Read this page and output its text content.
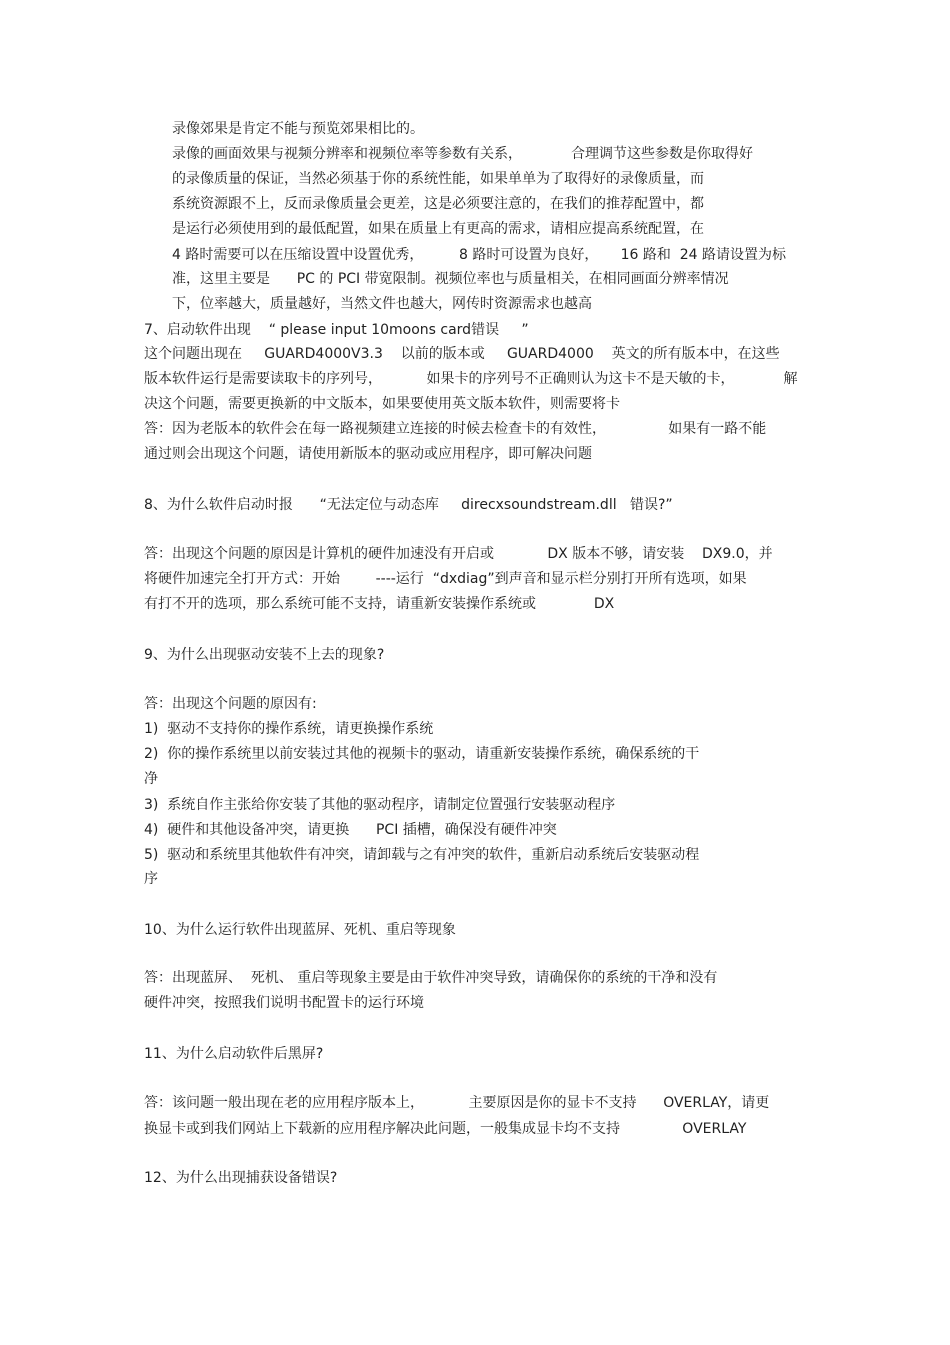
录像郊果是肯定不能与预览郊果相比的。
录像的画面效果与视频分辨率和视频位率等参数有关系，           合理调节这些参数是你取得好
的录像质量的保证，当然必须基于你的系统性能，如果单单为了取得好的录像质量，而
系统资源跟不上，反而录像质量会更差，这是必须要注意的，在我们的推荐配置中，都
是运行必须使用到的最低配置，如果在质量上有更高的需求，请相应提高系统配置，在
4 路时需要可以在压缩设置中设置优秀，        8 路时可设置为良好，     16 路和  24 路请设置为标
准，这里主要是      PC 的 PCI 带宽限制。视频位率也与质量相关，在相同画面分辨率情况
下，位率越大，质量越好，当然文件也越大，网传时资源需求也越高
7、启动软件出现    “ please input 10moons card错误     ”
这个问题出现在     GUARD4000V3.3    以前的版本或     GUARD4000    英文的所有版本中，在这些
版本软件运行是需要读取卡的序列号，          如果卡的序列号不正确则认为这卡不是天敏的卡，           解
决这个问题，需要更换新的中文版本，如果要使用英文版本软件，则需要将卡
答：因为老版本的软件会在每一路视频建立连接的时候去检查卡的有效性，              如果有一路不能
通过则会出现这个问题，请使用新版本的驱动或应用程序，即可解决问题
8、为什么软件启动时报      “无法定位与动态库     direcxsoundstream.dll   错误?”
答：出现这个问题的原因是计算机的硬件加速没有开启或            DX 版本不够，请安装    DX9.0，并
将硬件加速完全打开方式：开始        ----运行  “dxdiag”到声音和显示栏分别打开所有选项，如果
有打不开的选项，那么系统可能不支持，请重新安装操作系统或             DX
9、为什么出现驱动安装不上去的现象?
答：出现这个问题的原因有:
1)  驱动不支持你的操作系统，请更换操作系统
2)  你的操作系统里以前安装过其他的视频卡的驱动，请重新安装操作系统，确保系统的干
净
3)  系统自作主张给你安装了其他的驱动程序，请制定位置强行安装驱动程序
4)  硬件和其他设备冲突，请更换      PCI 插槽，确保没有硬件冲突
5)  驱动和系统里其他软件有冲突，请卸载与之有冲突的软件，重新启动系统后安装驱动程
序
10、为什么运行软件出现蓝屏、死机、重启等现象
答：出现蓝屏、  死机、 重启等现象主要是由于软件冲突导致，请确保你的系统的干净和没有
硬件冲突，按照我们说明书配置卡的运行环境
11、为什么启动软件后黑屏?
答：该问题一般出现在老的应用程序版本上，          主要原因是你的显卡不支持      OVERLAY，请更
换显卡或到我们网站上下载新的应用程序解决此问题，一般集成显卡均不支持              OVERLAY
12、为什么出现捕获设备错误?
